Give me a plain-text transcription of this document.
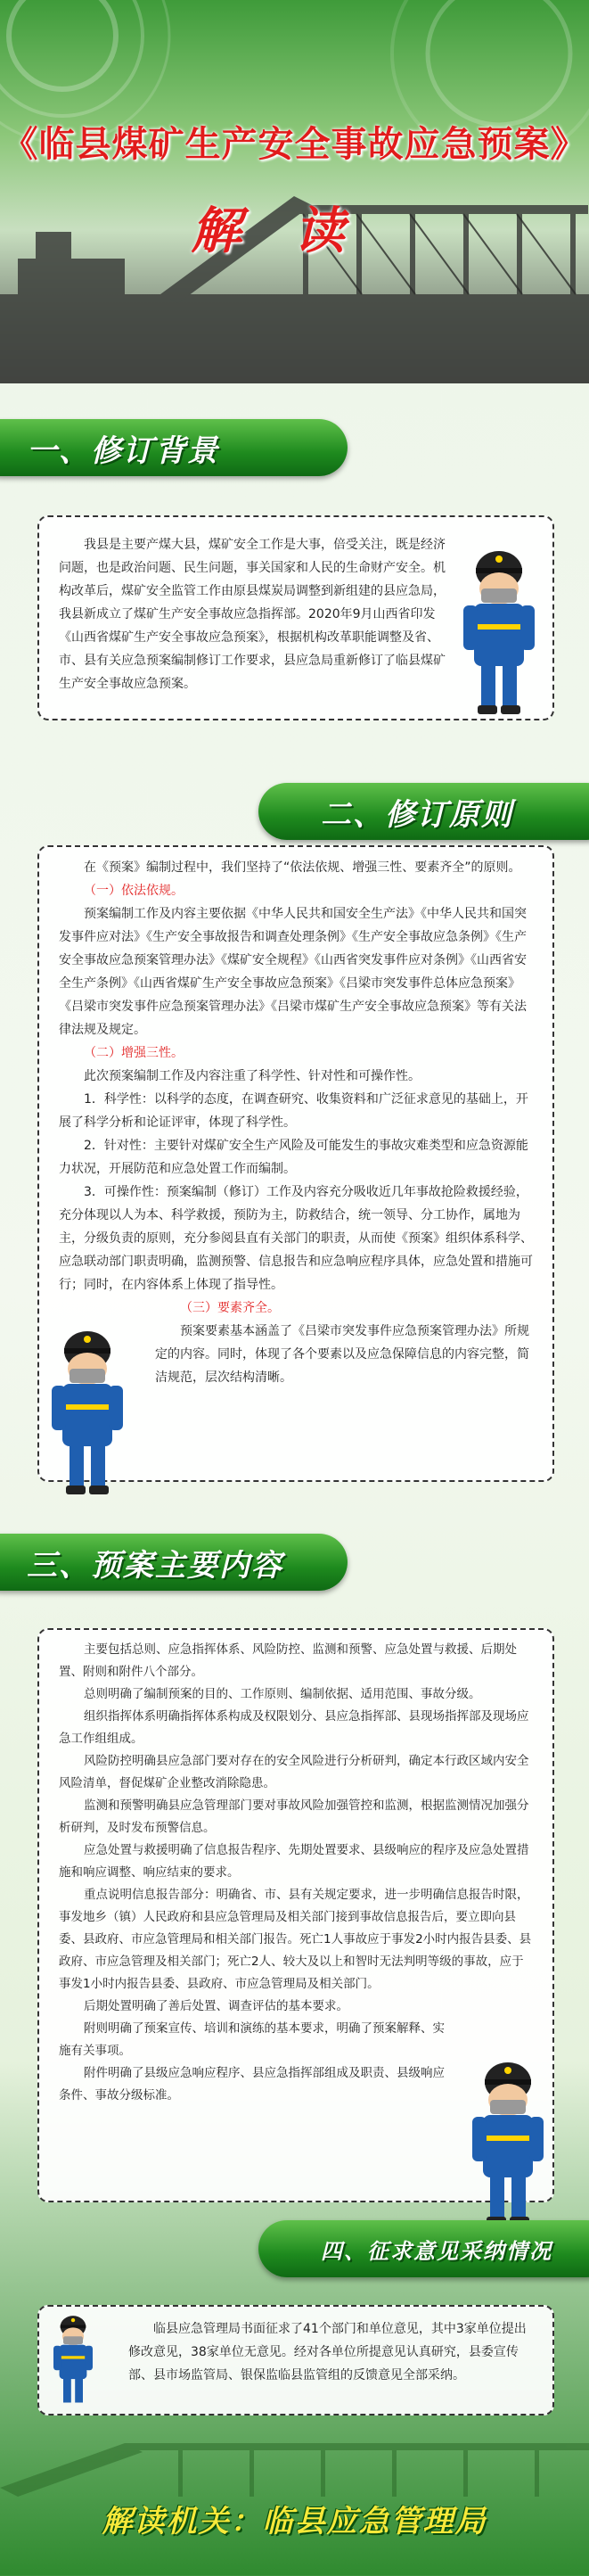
《临县煤矿生产安全事故应急预案》
解读
一、修订背景

我县是主要产煤大县，煤矿安全工作是大事，倍受关注，既是经济问题，也是政治问题、民生问题，事关国家和人民的生命财产安全。机构改革后，煤矿安全监管工作由原县煤炭局调整到新组建的县应急局，我县新成立了煤矿生产安全事故应急指挥部。2020年9月山西省印发《山西省煤矿生产安全事故应急预案》，根据机构改革职能调整及省、市、县有关应急预案编制修订工作要求，县应急局重新修订了临县煤矿生产安全事故应急预案。

二、修订原则

在《预案》编制过程中，我们坚持了“依法依规、增强三性、要素齐全”的原则。

（一）依法依规。

预案编制工作及内容主要依据《中华人民共和国安全生产法》《中华人民共和国突发事件应对法》《生产安全事故报告和调查处理条例》《生产安全事故应急条例》《生产安全事故应急预案管理办法》《煤矿安全规程》《山西省突发事件应对条例》《山西省安全生产条例》《山西省煤矿生产安全事故应急预案》《吕梁市突发事件总体应急预案》《吕梁市突发事件应急预案管理办法》《吕梁市煤矿生产安全事故应急预案》等有关法律法规及规定。

（二）增强三性。

此次预案编制工作及内容注重了科学性、针对性和可操作性。

1．科学性：以科学的态度，在调查研究、收集资料和广泛征求意见的基础上，开展了科学分析和论证评审，体现了科学性。

2．针对性：主要针对煤矿安全生产风险及可能发生的事故灾难类型和应急资源能力状况，开展防范和应急处置工作而编制。

3．可操作性：预案编制（修订）工作及内容充分吸收近几年事故抢险救援经验，充分体现以人为本、科学救援，预防为主，防救结合，统一领导、分工协作，属地为主，分级负责的原则，充分参阅县直有关部门的职责，从而使《预案》组织体系科学、应急联动部门职责明确，监测预警、信息报告和应急响应程序具体，应急处置和措施可行；同时，在内容体系上体现了指导性。

（三）要素齐全。

预案要素基本涵盖了《吕梁市突发事件应急预案管理办法》所规定的内容。同时，体现了各个要素以及应急保障信息的内容完整，简洁规范，层次结构清晰。

三、预案主要内容

主要包括总则、应急指挥体系、风险防控、监测和预警、应急处置与救援、后期处置、附则和附件八个部分。

总则明确了编制预案的目的、工作原则、编制依据、适用范围、事故分级。

组织指挥体系明确指挥体系构成及权限划分、县应急指挥部、县现场指挥部及现场应急工作组组成。

风险防控明确县应急部门要对存在的安全风险进行分析研判，确定本行政区域内安全风险清单，督促煤矿企业整改消除隐患。

监测和预警明确县应急管理部门要对事故风险加强管控和监测，根据监测情况加强分析研判，及时发布预警信息。

应急处置与救援明确了信息报告程序、先期处置要求、县级响应的程序及应急处置措施和响应调整、响应结束的要求。

重点说明信息报告部分：明确省、市、县有关规定要求，进一步明确信息报告时限，事发地乡（镇）人民政府和县应急管理局及相关部门接到事故信息报告后，要立即向县委、县政府、市应急管理局和相关部门报告。死亡1人事故应于事发2小时内报告县委、县政府、市应急管理及相关部门；死亡2人、较大及以上和智时无法判明等级的事故，应于事发1小时内报告县委、县政府、市应急管理局及相关部门。

后期处置明确了善后处置、调查评估的基本要求。

附则明确了预案宣传、培训和演练的基本要求，明确了预案解释、实施有关事项。

附件明确了县级应急响应程序、县应急指挥部组成及职责、县级响应条件、事故分级标准。

四、征求意见采纳情况

临县应急管理局书面征求了41个部门和单位意见，其中3家单位提出修改意见，38家单位无意见。经对各单位所提意见认真研究，县委宣传部、县市场监管局、银保监临县监管组的反馈意见全部采纳。

解读机关：临县应急管理局
